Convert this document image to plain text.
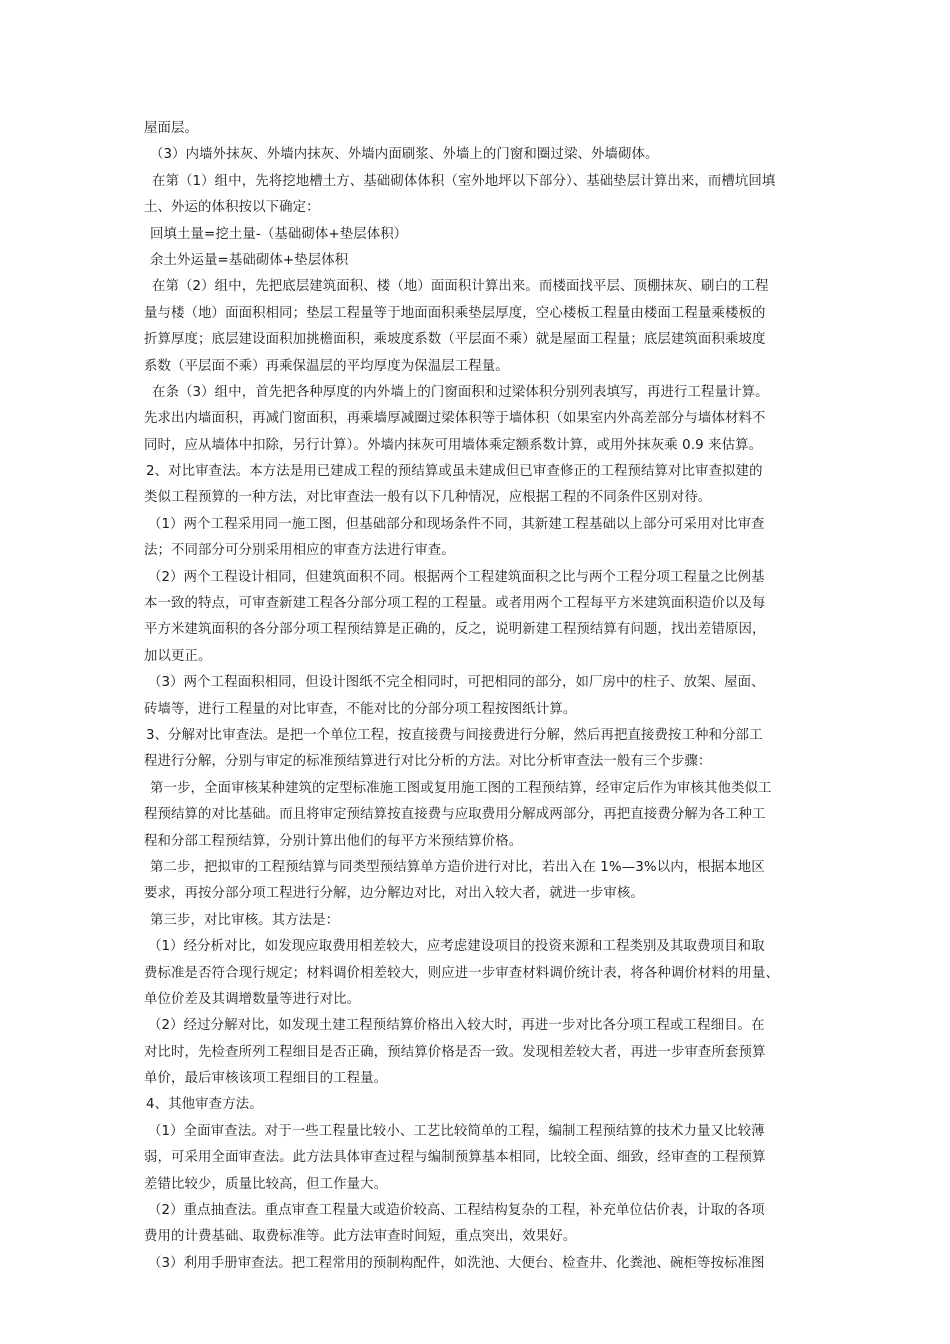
屋面层。
（3）内墙外抹灰、外墙内抹灰、外墙内面刷浆、外墙上的门窗和圈过梁、外墙砌体。
在第（1）组中，先将挖地槽土方、基础砌体体积（室外地坪以下部分）、基础垫层计算出来，而槽坑回填
土、外运的体积按以下确定：
回填土量=挖土量-（基础砌体+垫层体积）
余土外运量=基础砌体+垫层体积
在第（2）组中，先把底层建筑面积、楼（地）面面积计算出来。而楼面找平层、顶棚抹灰、刷白的工程
量与楼（地）面面积相同；垫层工程量等于地面面积乘垫层厚度，空心楼板工程量由楼面工程量乘楼板的
折算厚度；底层建设面积加挑檐面积，乘坡度系数（平层面不乘）就是屋面工程量；底层建筑面积乘坡度
系数（平层面不乘）再乘保温层的平均厚度为保温层工程量。
在条（3）组中，首先把各种厚度的内外墙上的门窗面积和过梁体积分别列表填写，再进行工程量计算。
先求出内墙面积，再减门窗面积，再乘墙厚减圈过梁体积等于墙体积（如果室内外高差部分与墙体材料不
同时，应从墙体中扣除，另行计算）。外墙内抹灰可用墙体乘定额系数计算，或用外抹灰乘 0.9 来估算。
2、对比审查法。本方法是用已建成工程的预结算或虽未建成但已审查修正的工程预结算对比审查拟建的
类似工程预算的一种方法，对比审查法一般有以下几种情况，应根据工程的不同条件区别对待。
（1）两个工程采用同一施工图，但基础部分和现场条件不同，其新建工程基础以上部分可采用对比审查
法；不同部分可分别采用相应的审查方法进行审查。
（2）两个工程设计相同，但建筑面积不同。根据两个工程建筑面积之比与两个工程分项工程量之比例基
本一致的特点，可审查新建工程各分部分项工程的工程量。或者用两个工程每平方米建筑面积造价以及每
平方米建筑面积的各分部分项工程预结算是正确的，反之，说明新建工程预结算有问题，找出差错原因，
加以更正。
（3）两个工程面积相同，但设计图纸不完全相同时，可把相同的部分，如厂房中的柱子、放架、屋面、
砖墙等，进行工程量的对比审查，不能对比的分部分项工程按图纸计算。
3、分解对比审查法。是把一个单位工程，按直接费与间接费进行分解，然后再把直接费按工种和分部工
程进行分解，分别与审定的标准预结算进行对比分析的方法。对比分析审查法一般有三个步骤：
第一步，全面审核某种建筑的定型标准施工图或复用施工图的工程预结算，经审定后作为审核其他类似工
程预结算的对比基础。而且将审定预结算按直接费与应取费用分解成两部分，再把直接费分解为各工种工
程和分部工程预结算，分别计算出他们的每平方米预结算价格。
第二步，把拟审的工程预结算与同类型预结算单方造价进行对比，若出入在 1%—3%以内，根据本地区
要求，再按分部分项工程进行分解，边分解边对比，对出入较大者，就进一步审核。
第三步，对比审核。其方法是：
（1）经分析对比，如发现应取费用相差较大，应考虑建设项目的投资来源和工程类别及其取费项目和取
费标准是否符合现行规定；材料调价相差较大，则应进一步审查材料调价统计表，将各种调价材料的用量、
单位价差及其调增数量等进行对比。
（2）经过分解对比，如发现土建工程预结算价格出入较大时，再进一步对比各分项工程或工程细目。在
对比时，先检查所列工程细目是否正确，预结算价格是否一致。发现相差较大者，再进一步审查所套预算
单价，最后审核该项工程细目的工程量。
4、其他审查方法。
（1）全面审查法。对于一些工程量比较小、工艺比较简单的工程，编制工程预结算的技术力量又比较薄
弱，可采用全面审查法。此方法具体审查过程与编制预算基本相同，比较全面、细致，经审查的工程预算
差错比较少，质量比较高，但工作量大。
（2）重点抽查法。重点审查工程量大或造价较高、工程结构复杂的工程，补充单位估价表，计取的各项
费用的计费基础、取费标准等。此方法审查时间短，重点突出，效果好。
（3）利用手册审查法。把工程常用的预制构配件，如洗池、大便台、检查井、化粪池、碗柜等按标准图
